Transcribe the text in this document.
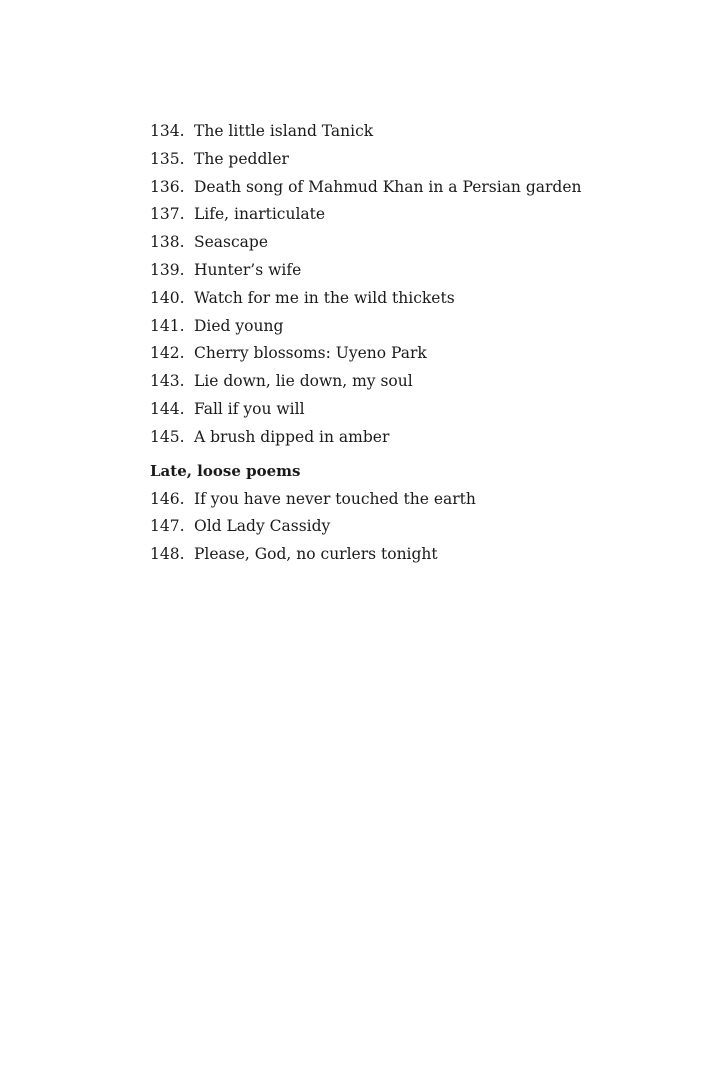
134. The little island Tanick
135. The peddler
136. Death song of Mahmud Khan in a Persian garden
137. Life, inarticulate
138. Seascape
139. Hunter’s wife
140. Watch for me in the wild thickets
141. Died young
142. Cherry blossoms: Uyeno Park
143. Lie down, lie down, my soul
144. Fall if you will
145. A brush dipped in amber
Late, loose poems
146. If you have never touched the earth
147. Old Lady Cassidy
148. Please, God, no curlers tonight
